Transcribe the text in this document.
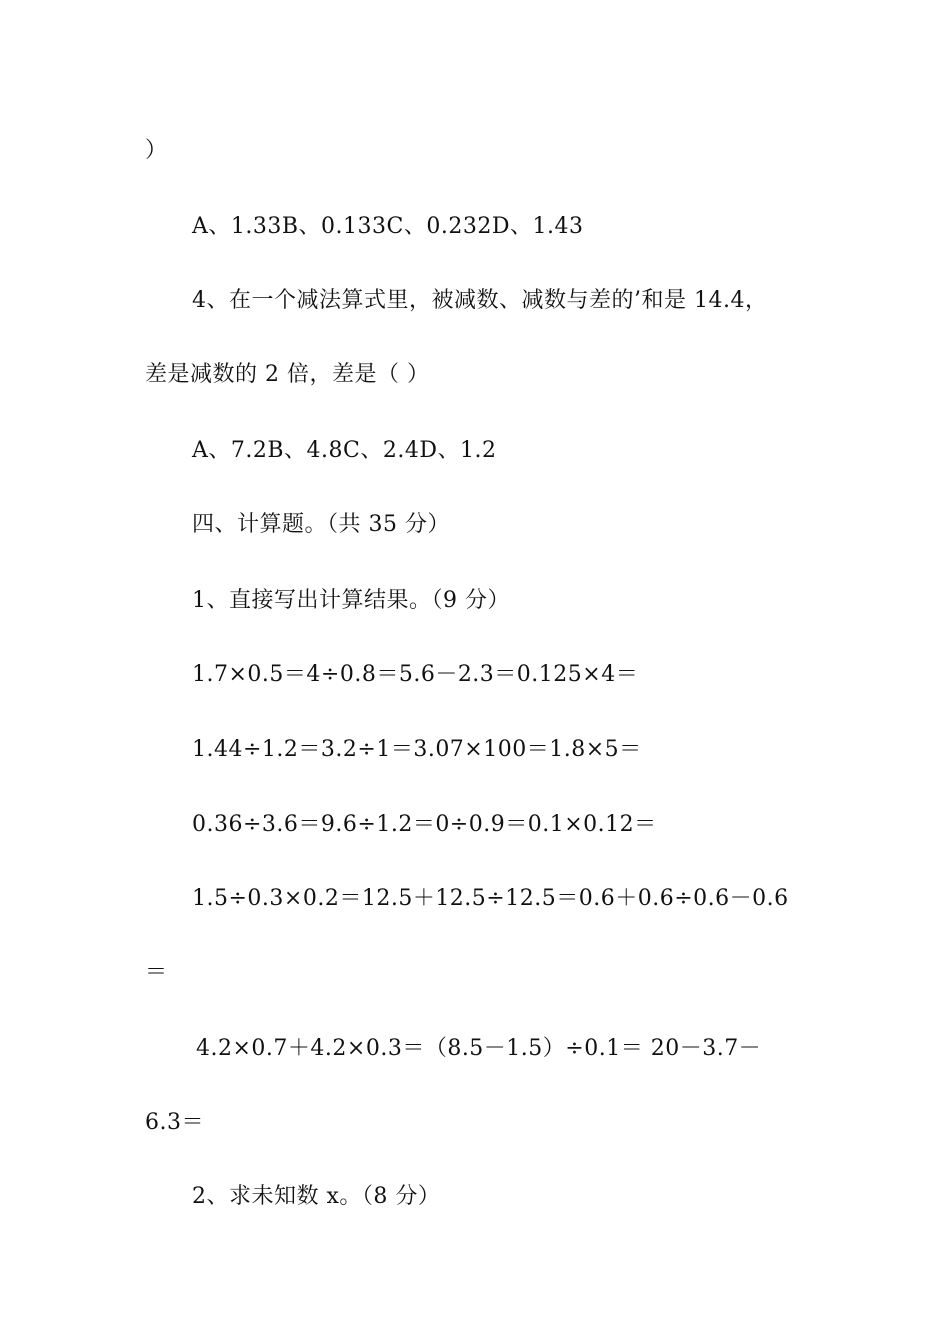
）
A、1.33B、0.133C、0.232D、1.43
4、在一个减法算式里，被减数、减数与差的’和是 14.4，
差是减数的 2 倍，差是（ ）
A、7.2B、4.8C、2.4D、1.2
四、计算题。（共 35 分）
1、直接写出计算结果。（9 分）
1.7×0.5＝4÷0.8＝5.6－2.3＝0.125×4＝
1.44÷1.2＝3.2÷1＝3.07×100＝1.8×5＝
0.36÷3.6＝9.6÷1.2＝0÷0.9＝0.1×0.12＝
1.5÷0.3×0.2＝12.5＋12.5÷12.5＝0.6＋0.6÷0.6－0.6
＝
4.2×0.7＋4.2×0.3＝（8.5－1.5）÷0.1＝ 20－3.7－
6.3＝
2、求未知数 x。（8 分）
